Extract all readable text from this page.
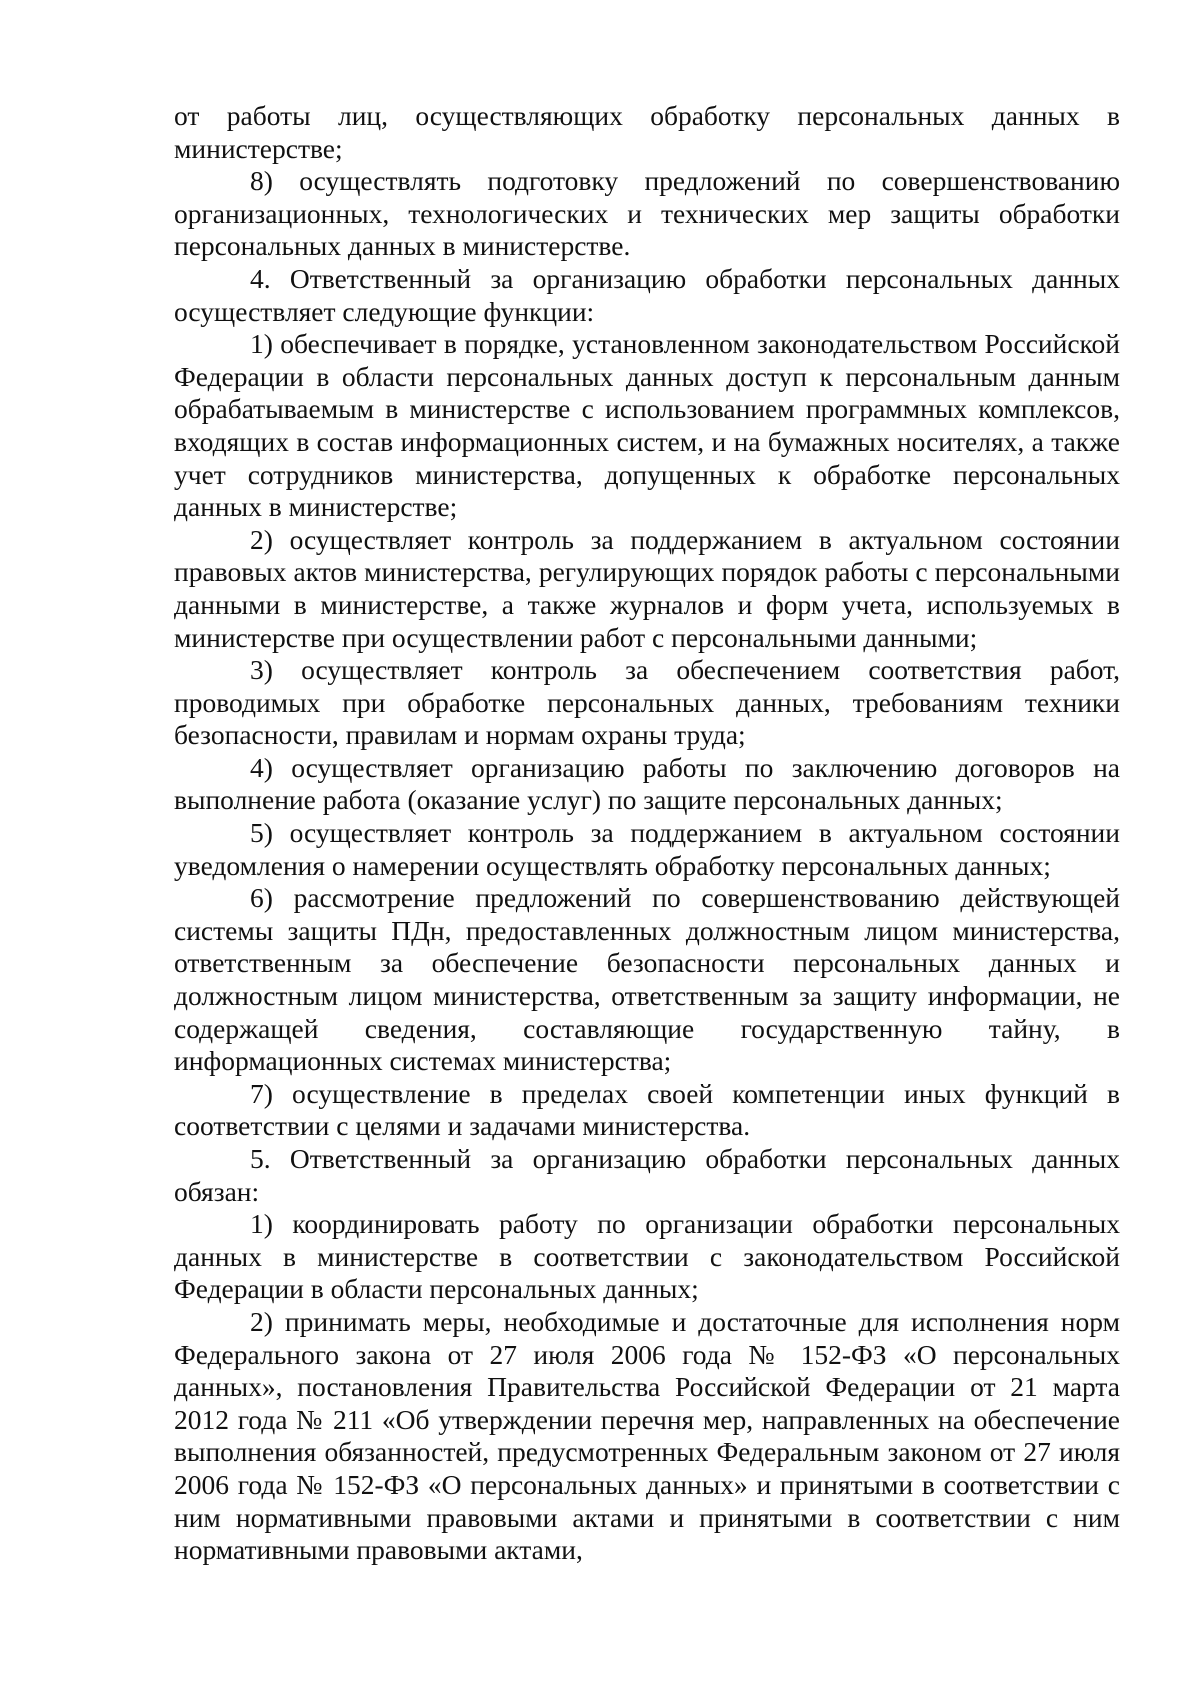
от работы лиц, осуществляющих обработку персональных данных в министерстве;

8) осуществлять подготовку предложений по совершенствованию организационных, технологических и технических мер защиты обработки персональных данных в министерстве.

4. Ответственный за организацию обработки персональных данных осуществляет следующие функции:

1) обеспечивает в порядке, установленном законодательством Российской Федерации в области персональных данных доступ к персональным данным обрабатываемым в министерстве с использованием программных комплексов, входящих в состав информационных систем, и на бумажных носителях, а также учет сотрудников министерства, допущенных к обработке персональных данных в министерстве;

2) осуществляет контроль за поддержанием в актуальном состоянии правовых актов министерства, регулирующих порядок работы с персональными данными в министерстве, а также журналов и форм учета, используемых в министерстве при осуществлении работ с персональными данными;

3) осуществляет контроль за обеспечением соответствия работ, проводимых при обработке персональных данных, требованиям техники безопасности, правилам и нормам охраны труда;

4) осуществляет организацию работы по заключению договоров на выполнение работа (оказание услуг) по защите персональных данных;

5) осуществляет контроль за поддержанием в актуальном состоянии уведомления о намерении осуществлять обработку персональных данных;

6) рассмотрение предложений по совершенствованию действующей системы защиты ПДн, предоставленных должностным лицом министерства, ответственным за обеспечение безопасности персональных данных и должностным лицом министерства, ответственным за защиту информации, не содержащей сведения, составляющие государственную тайну, в информационных системах министерства;

7) осуществление в пределах своей компетенции иных функций в соответствии с целями и задачами министерства.

5. Ответственный за организацию обработки персональных данных обязан:

1) координировать работу по организации обработки персональных данных в министерстве в соответствии с законодательством Российской Федерации в области персональных данных;

2) принимать меры, необходимые и достаточные для исполнения норм Федерального закона от 27 июля 2006 года № 152-ФЗ «О персональных данных», постановления Правительства Российской Федерации от 21 марта 2012 года № 211 «Об утверждении перечня мер, направленных на обеспечение выполнения обязанностей, предусмотренных Федеральным законом от 27 июля 2006 года № 152-ФЗ «О персональных данных» и принятыми в соответствии с ним нормативными правовыми актами и принятыми в соответствии с ним нормативными правовыми актами,
